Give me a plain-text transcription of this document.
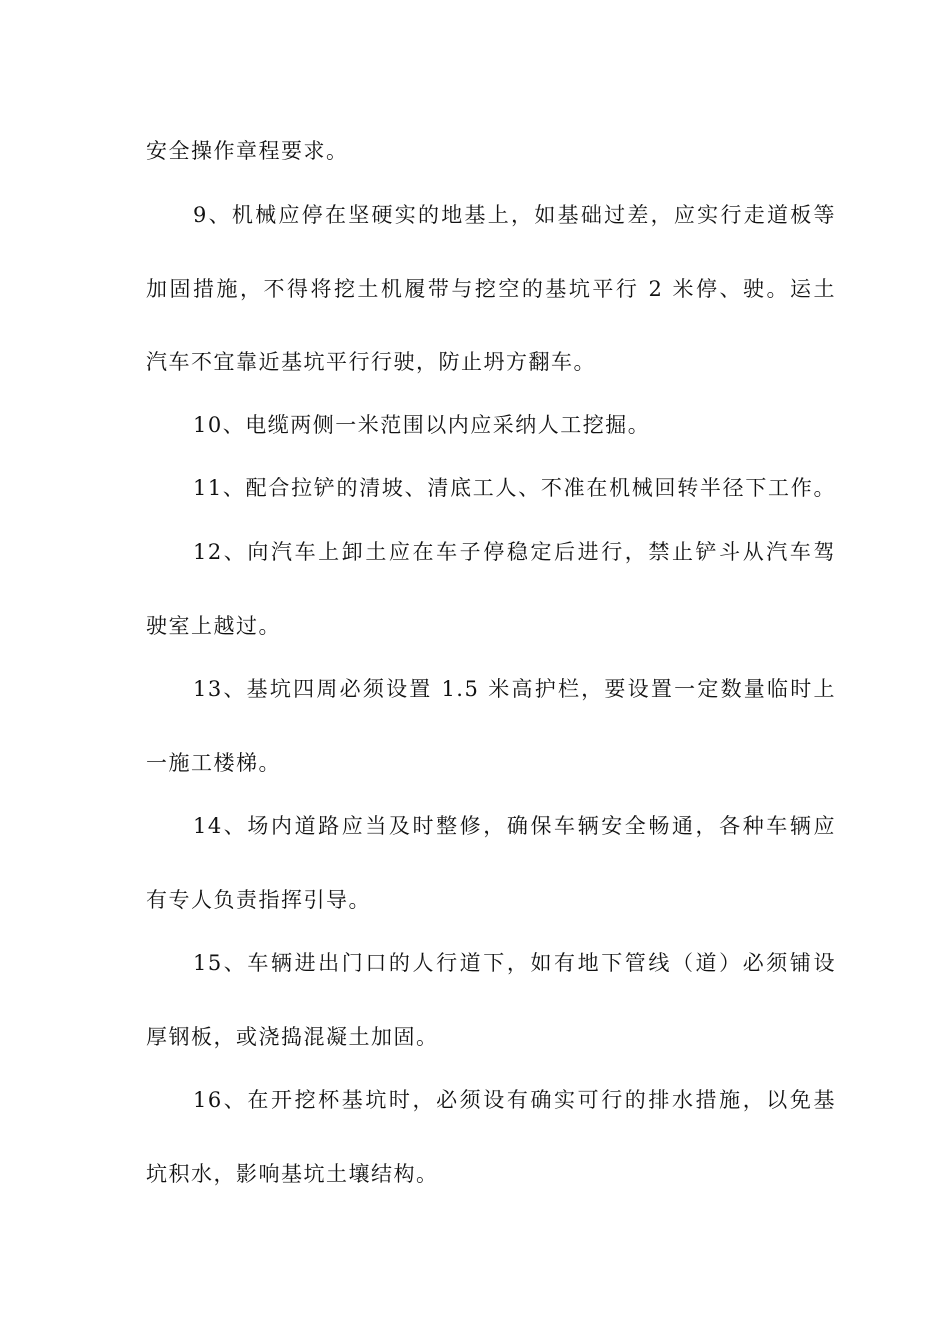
安全操作章程要求。
9、机械应停在坚硬实的地基上，如基础过差，应实行走道板等
加固措施，不得将挖土机履带与挖空的基坑平行 2 米停、驶。运土
汽车不宜靠近基坑平行行驶，防止坍方翻车。
10、电缆两侧一米范围以内应采纳人工挖掘。
11、配合拉铲的清坡、清底工人、不准在机械回转半径下工作。
12、向汽车上卸土应在车子停稳定后进行，禁止铲斗从汽车驾
驶室上越过。
13、基坑四周必须设置 1.5 米高护栏，要设置一定数量临时上
一施工楼梯。
14、场内道路应当及时整修，确保车辆安全畅通，各种车辆应
有专人负责指挥引导。
15、车辆进出门口的人行道下，如有地下管线（道）必须铺设
厚钢板，或浇捣混凝土加固。
16、在开挖杯基坑时，必须设有确实可行的排水措施，以免基
坑积水，影响基坑土壤结构。
